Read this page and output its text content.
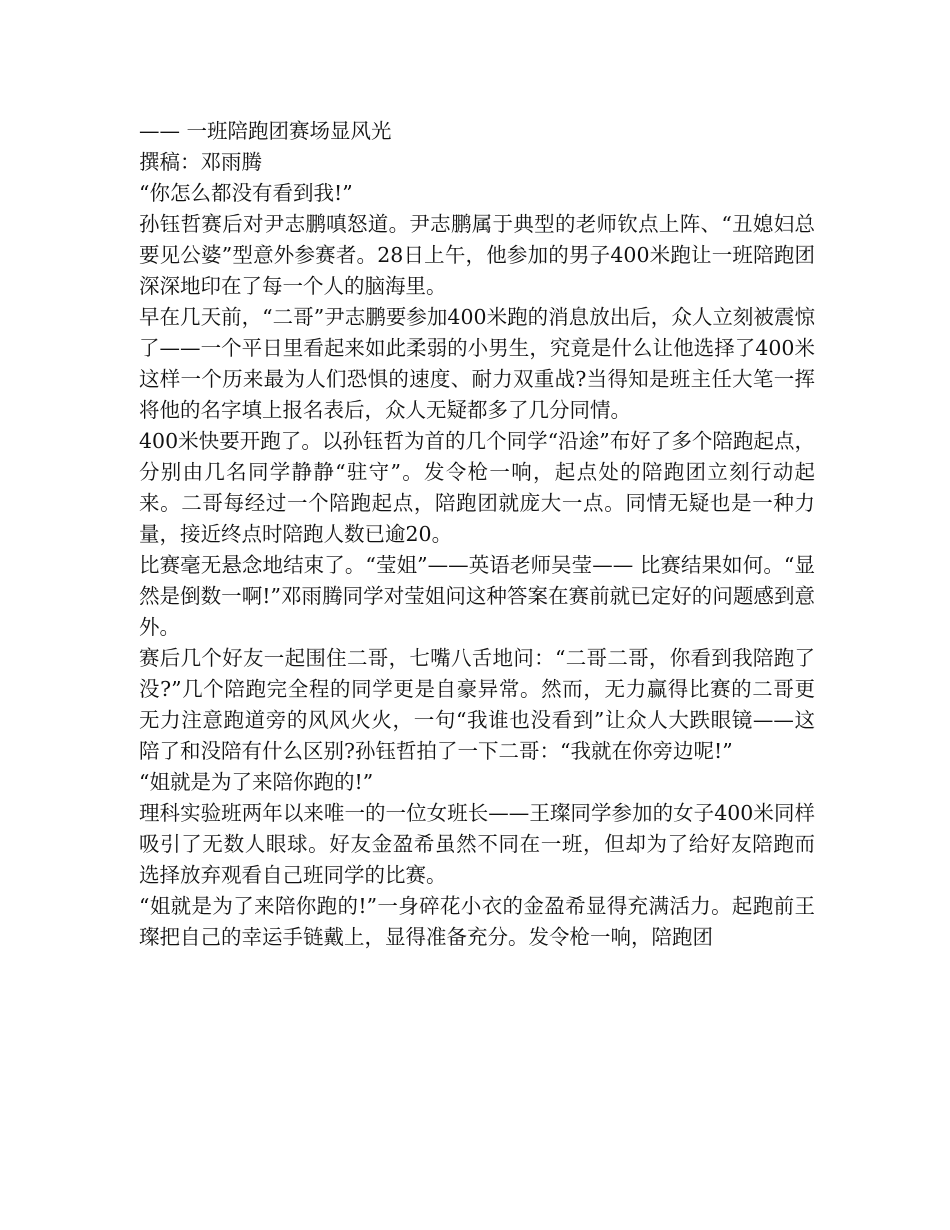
—— 一班陪跑团赛场显风光

撰稿：邓雨腾

“你怎么都没有看到我!”

孙钰哲赛后对尹志鹏嗔怒道。尹志鹏属于典型的老师钦点上阵、“丑媳妇总要见公婆”型意外参赛者。28日上午，他参加的男子400米跑让一班陪跑团深深地印在了每一个人的脑海里。

早在几天前，“二哥”尹志鹏要参加400米跑的消息放出后，众人立刻被震惊了——一个平日里看起来如此柔弱的小男生，究竟是什么让他选择了400米这样一个历来最为人们恐惧的速度、耐力双重战?当得知是班主任大笔一挥将他的名字填上报名表后，众人无疑都多了几分同情。

400米快要开跑了。以孙钰哲为首的几个同学“沿途”布好了多个陪跑起点，分别由几名同学静静“驻守”。发令枪一响，起点处的陪跑团立刻行动起来。二哥每经过一个陪跑起点，陪跑团就庞大一点。同情无疑也是一种力量，接近终点时陪跑人数已逾20。

比赛毫无悬念地结束了。“莹姐”——英语老师吴莹—— 比赛结果如何。“显然是倒数一啊!”邓雨腾同学对莹姐问这种答案在赛前就已定好的问题感到意外。

赛后几个好友一起围住二哥，七嘴八舌地问：“二哥二哥，你看到我陪跑了没?”几个陪跑完全程的同学更是自豪异常。然而，无力赢得比赛的二哥更无力注意跑道旁的风风火火，一句“我谁也没看到”让众人大跌眼镜——这陪了和没陪有什么区别?孙钰哲拍了一下二哥：“我就在你旁边呢!”

“姐就是为了来陪你跑的!”

理科实验班两年以来唯一的一位女班长——王璨同学参加的女子400米同样吸引了无数人眼球。好友金盈希虽然不同在一班，但却为了给好友陪跑而选择放弃观看自己班同学的比赛。

“姐就是为了来陪你跑的!”一身碎花小衣的金盈希显得充满活力。起跑前王璨把自己的幸运手链戴上，显得准备充分。发令枪一响，陪跑团
